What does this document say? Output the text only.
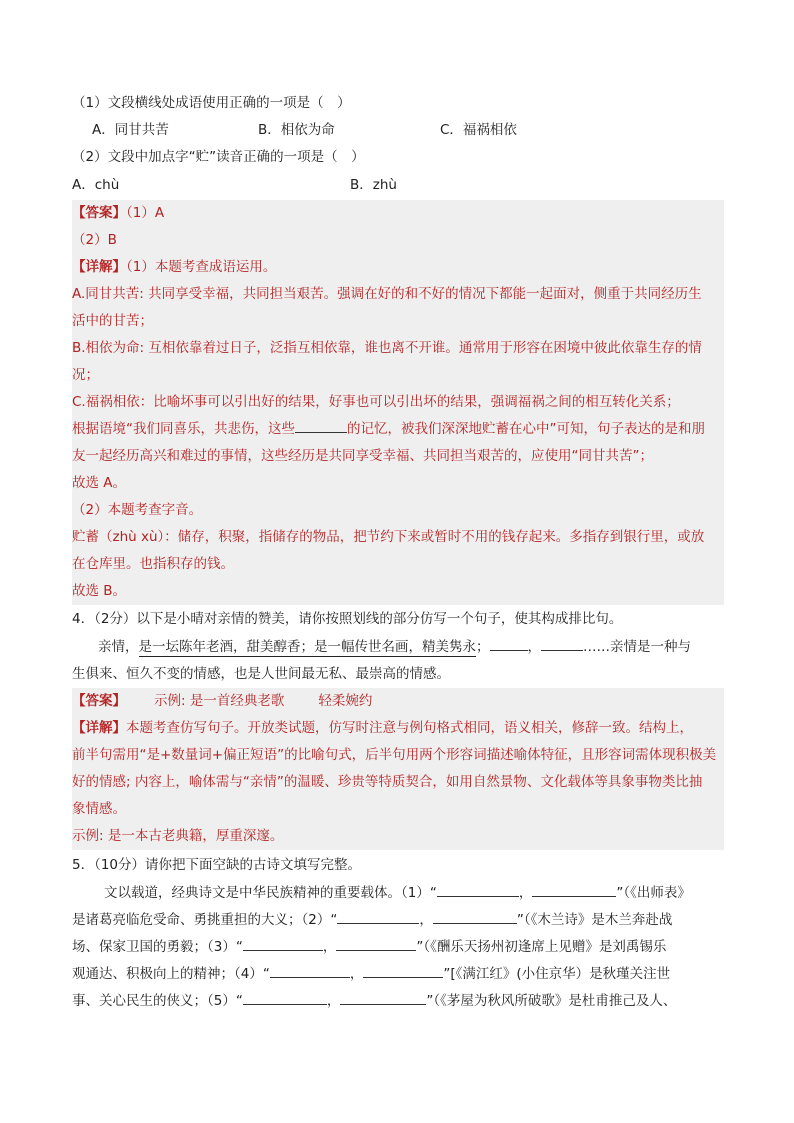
（1）文段横线处成语使用正确的一项是（　）
A．同甘共苦	B．相依为命	C．福祸相依
（2）文段中加点字“贮”读音正确的一项是（　）
A．chù	B．zhù
【答案】（1）A
（2）B
【详解】（1）本题考查成语运用。
A.同甘共苦: 共同享受幸福，共同担当艰苦。强调在好的和不好的情况下都能一起面对，侧重于共同经历生
活中的甘苦；
B.相依为命: 互相依靠着过日子，泛指互相依靠，谁也离不开谁。通常用于形容在困境中彼此依靠生存的情
况；
C.福祸相依：比喻坏事可以引出好的结果，好事也可以引出坏的结果，强调福祸之间的相互转化关系；
根据语境“我们同喜乐，共悲伤，这些	的记忆，被我们深深地贮蓄在心中”可知，句子表达的是和朋
友一起经历高兴和难过的事情，这些经历是共同享受幸福、共同担当艰苦的，应使用“同甘共苦”；
故选 A。
（2）本题考查字音。
贮蓄（zhù xù）：储存，积聚，指储存的物品，把节约下来或暂时不用的钱存起来。多指存到银行里，或放
在仓库里。也指积存的钱。
故选 B。
4．（2分）以下是小晴对亲情的赞美，请你按照划线的部分仿写一个句子，使其构成排比句。
亲情，是一坛陈年老酒，甜美醇香；是一幅传世名画，精美隽永；	，	……亲情是一种与
生俱来、恒久不变的情感，也是人世间最无私、最崇高的情感。
【答案】 示例: 是一首经典老歌	轻柔婉约
【详解】本题考查仿写句子。开放类试题，仿写时注意与例句格式相同，语义相关，修辞一致。结构上，
前半句需用“是+数量词+偏正短语”的比喻句式，后半句用两个形容词描述喻体特征，且形容词需体现积极美
好的情感; 内容上，喻体需与“亲情”的温暖、珍贵等特质契合，如用自然景物、文化载体等具象事物类比抽
象情感。
示例: 是一本古老典籍，厚重深邃。
5．（10分）请你把下面空缺的古诗文填写完整。
文以载道，经典诗文是中华民族精神的重要载体。（1）“	，	”（《出师表》
是诸葛亮临危受命、勇挑重担的大义；（2）“	，	”（《木兰诗》是木兰奔赴战
场、保家卫国的勇毅；（3）“	，	”（《酬乐天扬州初逢席上见赠》是刘禹锡乐
观通达、积极向上的精神；（4）“	，	”[《满江红》(小住京华）是秋瑾关注世
事、关心民生的侠义；（5）“	，	”（《茅屋为秋风所破歌》是杜甫推己及人、
